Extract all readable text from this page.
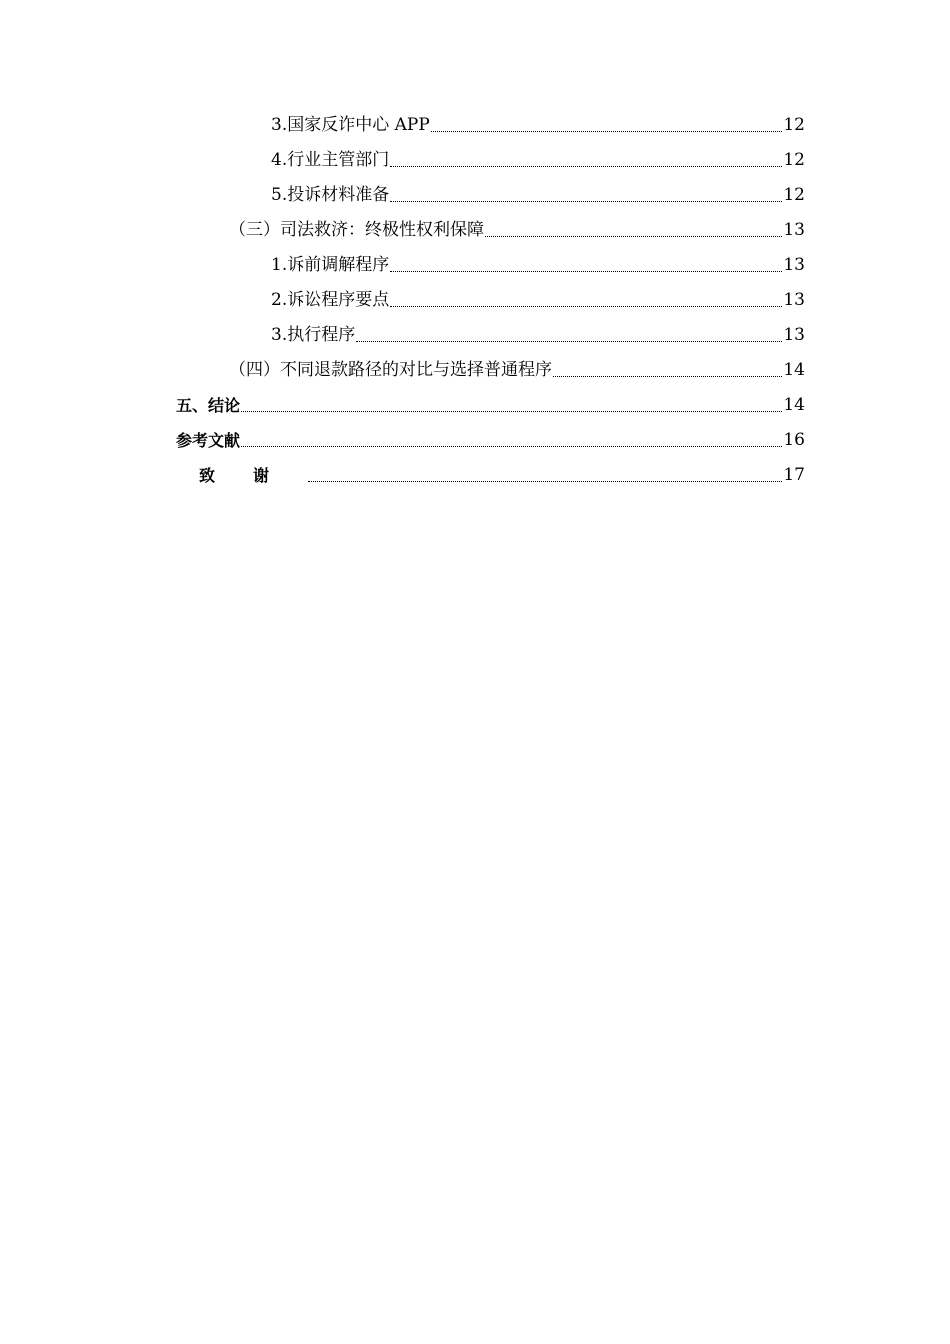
3.国家反诈中心 APP	12
4.行业主管部门	12
5.投诉材料准备	12
（三）司法救济：终极性权利保障	13
1.诉前调解程序	13
2.诉讼程序要点	13
3.执行程序	13
（四）不同退款路径的对比与选择普通程序	14
五、结论	14
参考文献	16
致谢	17
